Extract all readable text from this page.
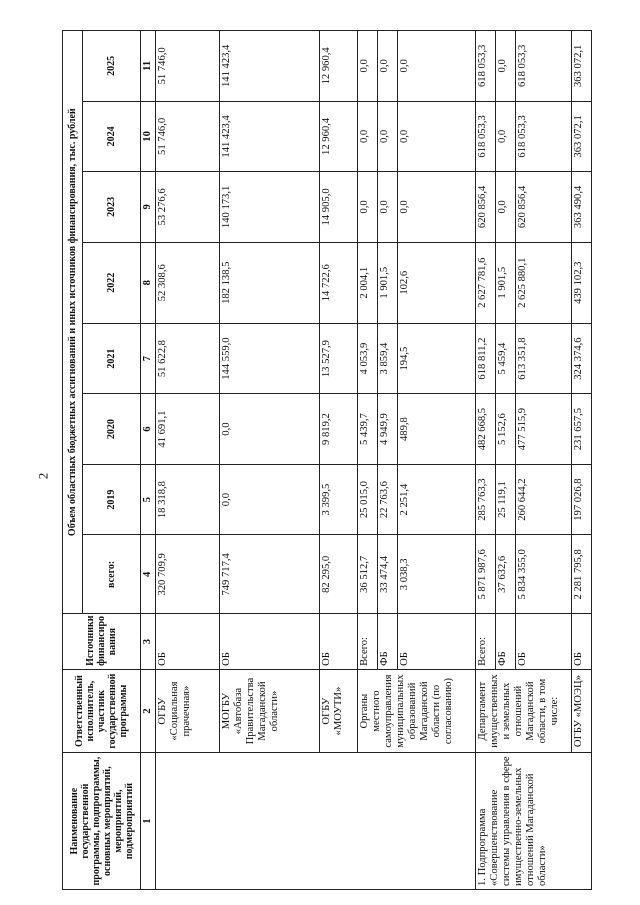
2
Наименование государственной программы, подпрограммы, основных мероприятий, мероприятий, подмероприятий	Ответственный исполнитель, участник государственной программы	Источники финансиро вания	Объем областных бюджетных ассигнований и иных источников финансирования, тыс. рублей							
			всего:	2019	2020	2021	2022	2023	2024	2025
1	2	3	4	5	6	7	8	9	10	11
	ОГБУ «Социальная прачечная»	ОБ	320 709,9	18 318,8	41 691,1	51 622,8	52 308,6	53 276,6	51 746,0	51 746,0
	МОГБУ «Автобаза Правительства Магаданской области»	ОБ	749 717,4	0,0	0,0	144 559,0	182 138,5	140 173,1	141 423,4	141 423,4
	ОГБУ «МОУТИ»	ОБ	82 295,0	3 399,5	9 819,2	13 527,9	14 722,6	14 905,0	12 960,4	12 960,4
	Органы местного самоуправления муниципальных образований Магаданской области (по согласованию)	Всего:	36 512,7	25 015,0	5 439,7	4 053,9	2 004,1	0,0	0,0	0,0
		ФБ	33 474,4	22 763,6	4 949,9	3 859,4	1 901,5	0,0	0,0	0,0
		ОБ	3 038,3	2 251,4	489,8	194,5	102,6	0,0	0,0	0,0
1. Подпрограмма «Совершенствование системы управления в сфере имущественно-земельных отношений Магаданской области»	Департамент имущественных и земельных отношений Магаданской области, в том числе:	Всего:	5 871 987,6	285 763,3	482 668,5	618 811,2	2 627 781,6	620 856,4	618 053,3	618 053,3
		ФБ	37 632,6	25 119,1	5 152,6	5 459,4	1 901,5	0,0	0,0	0,0
		ОБ	5 834 355,0	260 644,2	477 515,9	613 351,8	2 625 880,1	620 856,4	618 053,3	618 053,3
	ОГБУ «МОЭЦ»	ОБ	2 281 795,8	197 026,8	231 657,5	324 374,6	439 102,3	363 490,4	363 072,1	363 072,1
